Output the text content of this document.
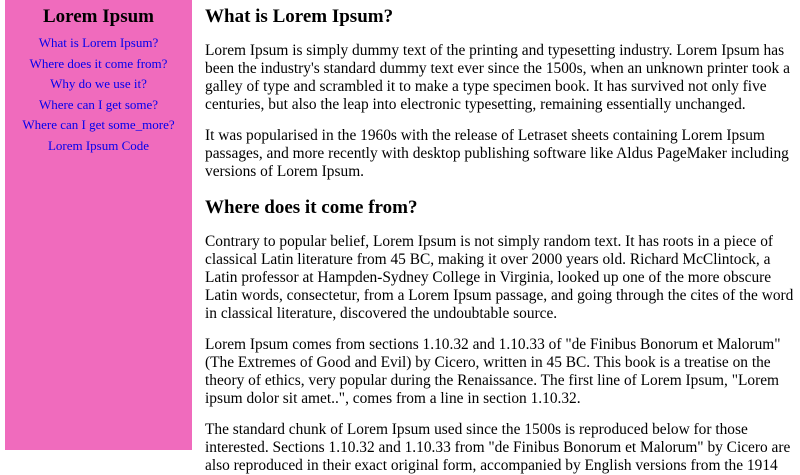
Lorem Ipsum
What is Lorem Ipsum?
Where does it come from?
Why do we use it?
Where can I get some?
Where can I get some_more?
Lorem Ipsum Code
What is Lorem Ipsum?

Lorem Ipsum is simply dummy text of the printing and typesetting industry. Lorem Ipsum has been the industry's standard dummy text ever since the 1500s, when an unknown printer took a galley of type and scrambled it to make a type specimen book. It has survived not only five centuries, but also the leap into electronic typesetting, remaining essentially unchanged.

It was popularised in the 1960s with the release of Letraset sheets containing Lorem Ipsum passages, and more recently with desktop publishing software like Aldus PageMaker including versions of Lorem Ipsum.

Where does it come from?

Contrary to popular belief, Lorem Ipsum is not simply random text. It has roots in a piece of classical Latin literature from 45 BC, making it over 2000 years old. Richard McClintock, a Latin professor at Hampden-Sydney College in Virginia, looked up one of the more obscure Latin words, consectetur, from a Lorem Ipsum passage, and going through the cites of the word in classical literature, discovered the undoubtable source.

Lorem Ipsum comes from sections 1.10.32 and 1.10.33 of "de Finibus Bonorum et Malorum" (The Extremes of Good and Evil) by Cicero, written in 45 BC. This book is a treatise on the theory of ethics, very popular during the Renaissance. The first line of Lorem Ipsum, "Lorem ipsum dolor sit amet..", comes from a line in section 1.10.32.

The standard chunk of Lorem Ipsum used since the 1500s is reproduced below for those interested. Sections 1.10.32 and 1.10.33 from "de Finibus Bonorum et Malorum" by Cicero are also reproduced in their exact original form, accompanied by English versions from the 1914
